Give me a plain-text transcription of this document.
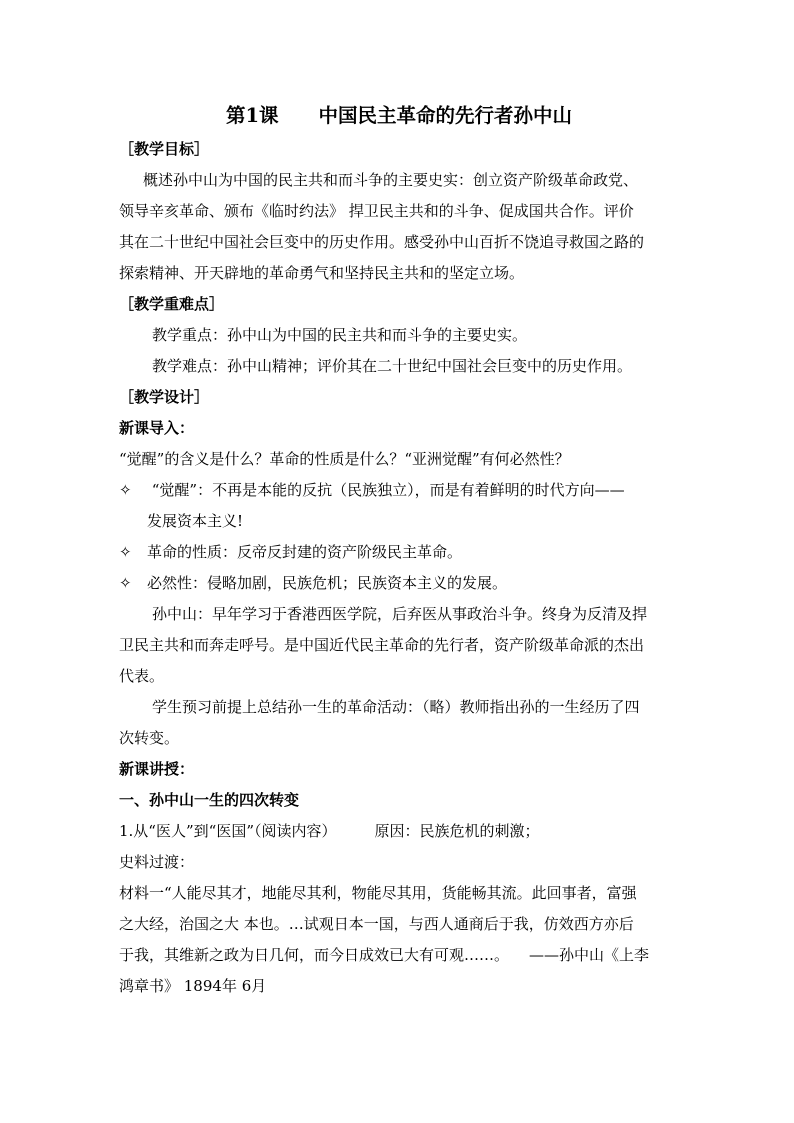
第1课 中国民主革命的先行者孙中山
［教学目标］
概述孙中山为中国的民主共和而斗争的主要史实：创立资产阶级革命政党、
领导辛亥革命、颁布《临时约法》 捍卫民主共和的斗争、促成国共合作。评价
其在二十世纪中国社会巨变中的历史作用。感受孙中山百折不饶追寻救国之路的
探索精神、开天辟地的革命勇气和坚持民主共和的坚定立场。
［教学重难点］
教学重点：孙中山为中国的民主共和而斗争的主要史实。
教学难点：孙中山精神；评价其在二十世纪中国社会巨变中的历史作用。
［教学设计］
新课导入：
“觉醒”的含义是什么？革命的性质是什么？“亚洲觉醒”有何必然性？
✧ “觉醒”：不再是本能的反抗（民族独立），而是有着鲜明的时代方向——
发展资本主义!
✧ 革命的性质：反帝反封建的资产阶级民主革命。
✧ 必然性：侵略加剧，民族危机；民族资本主义的发展。
孙中山：早年学习于香港西医学院，后弃医从事政治斗争。终身为反清及捍
卫民主共和而奔走呼号。是中国近代民主革命的先行者，资产阶级革命派的杰出
代表。
学生预习前提上总结孙一生的革命活动：（略）教师指出孙的一生经历了四
次转变。
新课讲授：
一、孙中山一生的四次转变
1.从“医人”到“医国”（阅读内容）	原因：民族危机的刺激；
史料过渡：
材料一“人能尽其才，地能尽其利，物能尽其用，货能畅其流。此回事者，富强
之大经，治国之大 本也。…试观日本一国，与西人通商后于我，仿效西方亦后
于我，其维新之政为日几何，而今日成效已大有可观……。 ——孙中山《上李
鸿章书》 1894年 6月
